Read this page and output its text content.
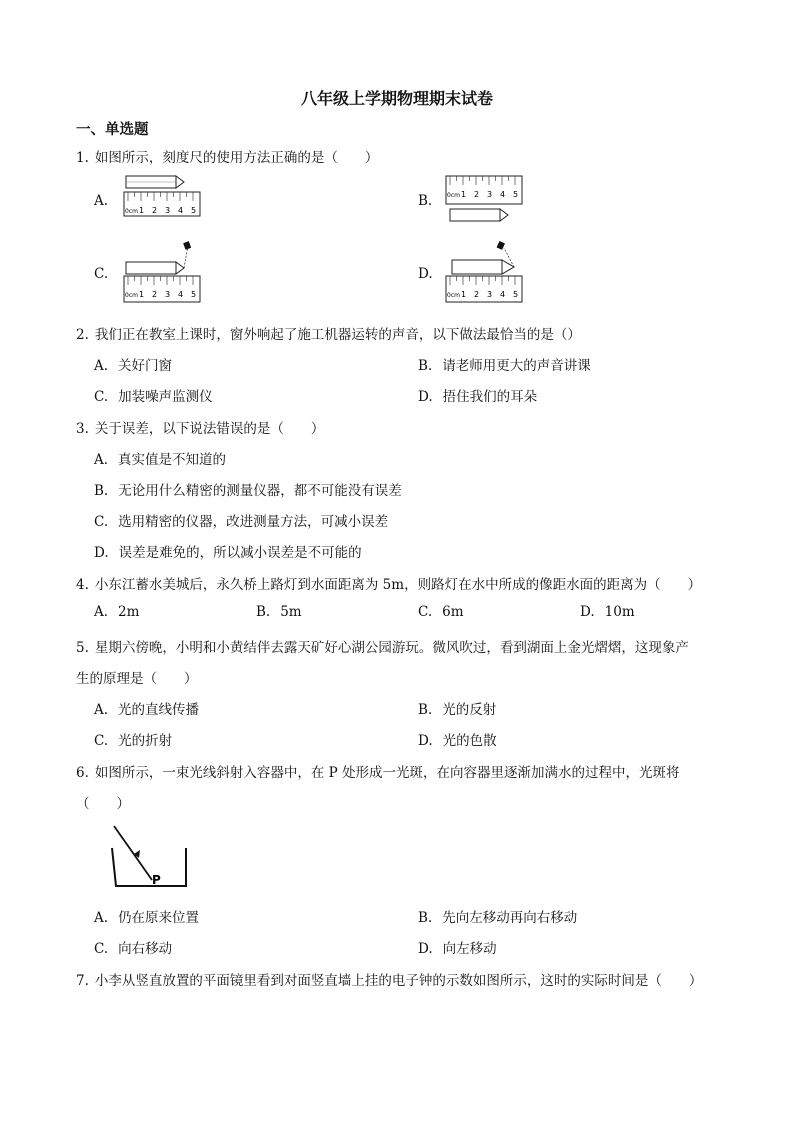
八年级上学期物理期末试卷
一、单选题
1. 如图所示，刻度尺的使用方法正确的是（　　）
A.	B.
C.	D.
0cm 1 2 3 4 5
0cm 1 2 3 4 5
0cm 1 2 3 4 5	0cm 1 2 3 4 5
2. 我们正在教室上课时，窗外响起了施工机器运转的声音，以下做法最恰当的是（）
A. 关好门窗	B. 请老师用更大的声音讲课
C. 加装噪声监测仪	D. 捂住我们的耳朵
3. 关于误差，以下说法错误的是（　　）
A. 真实值是不知道的
B. 无论用什么精密的测量仪器，都不可能没有误差
C. 选用精密的仪器，改进测量方法，可减小误差
D. 误差是难免的，所以减小误差是不可能的
4. 小东江蓄水美城后，永久桥上路灯到水面距离为 5m，则路灯在水中所成的像距水面的距离为（　　）
A. 2m	B. 5m	C. 6m	D. 10m
5. 星期六傍晚，小明和小黄结伴去露天矿好心湖公园游玩。微风吹过，看到湖面上金光熠熠，这现象产
生的原理是（　　）
A. 光的直线传播	B. 光的反射
C. 光的折射	D. 光的色散
6. 如图所示，一束光线斜射入容器中，在 P 处形成一光斑，在向容器里逐渐加满水的过程中，光斑将
（　　）
P
A. 仍在原来位置	B. 先向左移动再向右移动
C. 向右移动	D. 向左移动
7. 小李从竖直放置的平面镜里看到对面竖直墙上挂的电子钟的示数如图所示，这时的实际时间是（　　）
